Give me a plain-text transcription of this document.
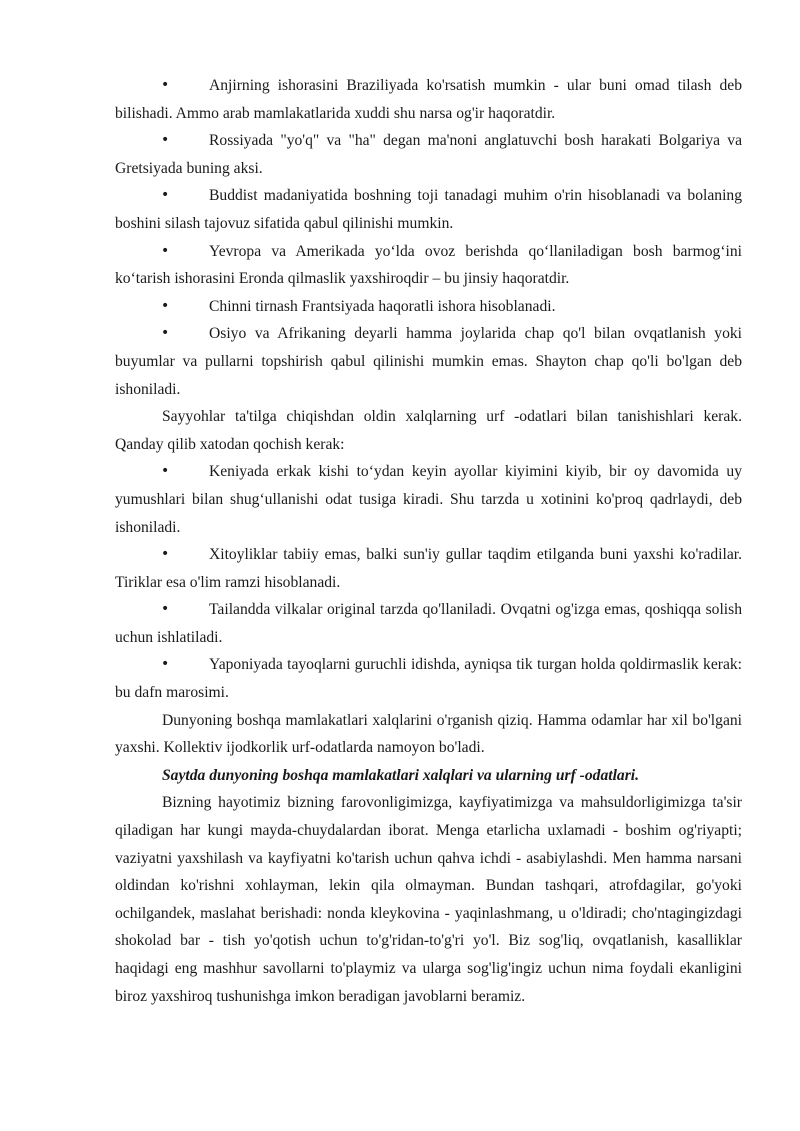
•	Anjirning ishorasini Braziliyada ko'rsatish mumkin - ular buni omad tilash deb bilishadi. Ammo arab mamlakatlarida xuddi shu narsa og'ir haqoratdir.

•	Rossiyada "yo'q" va "ha" degan ma'noni anglatuvchi bosh harakati Bolgariya va Gretsiyada buning aksi.

•	Buddist madaniyatida boshning toji tanadagi muhim o'rin hisoblanadi va bolaning boshini silash tajovuz sifatida qabul qilinishi mumkin.

•	Yevropa va Amerikada yo‘lda ovoz berishda qo‘llaniladigan bosh barmog‘ini ko‘tarish ishorasini Eronda qilmaslik yaxshiroqdir – bu jinsiy haqoratdir.

•	Chinni tirnash Frantsiyada haqoratli ishora hisoblanadi.

•	Osiyo va Afrikaning deyarli hamma joylarida chap qo'l bilan ovqatlanish yoki buyumlar va pullarni topshirish qabul qilinishi mumkin emas. Shayton chap qo'li bo'lgan deb ishoniladi.

Sayyohlar ta'tilga chiqishdan oldin xalqlarning urf -odatlari bilan tanishishlari kerak. Qanday qilib xatodan qochish kerak:

•	Keniyada erkak kishi to‘ydan keyin ayollar kiyimini kiyib, bir oy davomida uy yumushlari bilan shug‘ullanishi odat tusiga kiradi. Shu tarzda u xotinini ko'proq qadrlaydi, deb ishoniladi.

•	Xitoyliklar tabiiy emas, balki sun'iy gullar taqdim etilganda buni yaxshi ko'radilar. Tiriklar esa o'lim ramzi hisoblanadi.

•	Tailandda vilkalar original tarzda qo'llaniladi. Ovqatni og'izga emas, qoshiqqa solish uchun ishlatiladi.

•	Yaponiyada tayoqlarni guruchli idishda, ayniqsa tik turgan holda qoldirmaslik kerak: bu dafn marosimi.

Dunyoning boshqa mamlakatlari xalqlarini o'rganish qiziq. Hamma odamlar har xil bo'lgani yaxshi. Kollektiv ijodkorlik urf-odatlarda namoyon bo'ladi.

Saytda dunyoning boshqa mamlakatlari xalqlari va ularning urf -odatlari.

Bizning hayotimiz bizning farovonligimizga, kayfiyatimizga va mahsuldorligimizga ta'sir qiladigan har kungi mayda-chuydalardan iborat. Menga etarlicha uxlamadi - boshim og'riyapti; vaziyatni yaxshilash va kayfiyatni ko'tarish uchun qahva ichdi - asabiylashdi. Men hamma narsani oldindan ko'rishni xohlayman, lekin qila olmayman. Bundan tashqari, atrofdagilar, go'yoki ochilgandek, maslahat berishadi: nonda kleykovina - yaqinlashmang, u o'ldiradi; cho'ntagingizdagi shokolad bar - tish yo'qotish uchun to'g'ridan-to'g'ri yo'l. Biz sog'liq, ovqatlanish, kasalliklar haqidagi eng mashhur savollarni to'playmiz va ularga sog'lig'ingiz uchun nima foydali ekanligini biroz yaxshiroq tushunishga imkon beradigan javoblarni beramiz.
